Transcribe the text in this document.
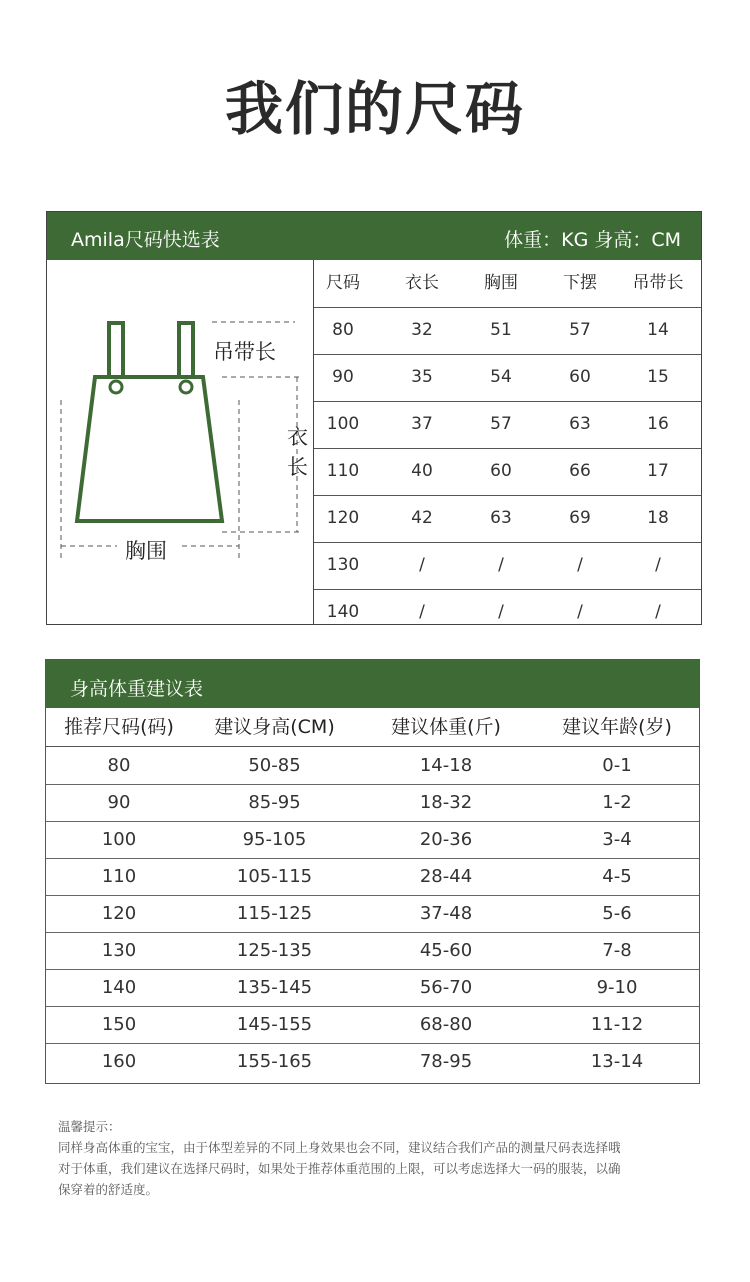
我们的尺码
Amila尺码快选表	体重：KG 身高：CM
吊带长
衣
长
胸围
尺码	衣长	胸围	下摆	吊带长
80	32	51	57	14
90	35	54	60	15
100	37	57	63	16
110	40	60	66	17
120	42	63	69	18
130	/	/	/	/
140	/	/	/	/
身高体重建议表
推荐尺码(码)	建议身高(CM)	建议体重(斤)	建议年龄(岁)
80	50-85	14-18	0-1
90	85-95	18-32	1-2
100	95-105	20-36	3-4
110	105-115	28-44	4-5
120	115-125	37-48	5-6
130	125-135	45-60	7-8
140	135-145	56-70	9-10
150	145-155	68-80	11-12
160	155-165	78-95	13-14
温馨提示：
同样身高体重的宝宝，由于体型差异的不同上身效果也会不同，建议结合我们产品的测量尺码表选择哦
对于体重，我们建议在选择尺码时，如果处于推荐体重范围的上限，可以考虑选择大一码的服装，以确
保穿着的舒适度。
